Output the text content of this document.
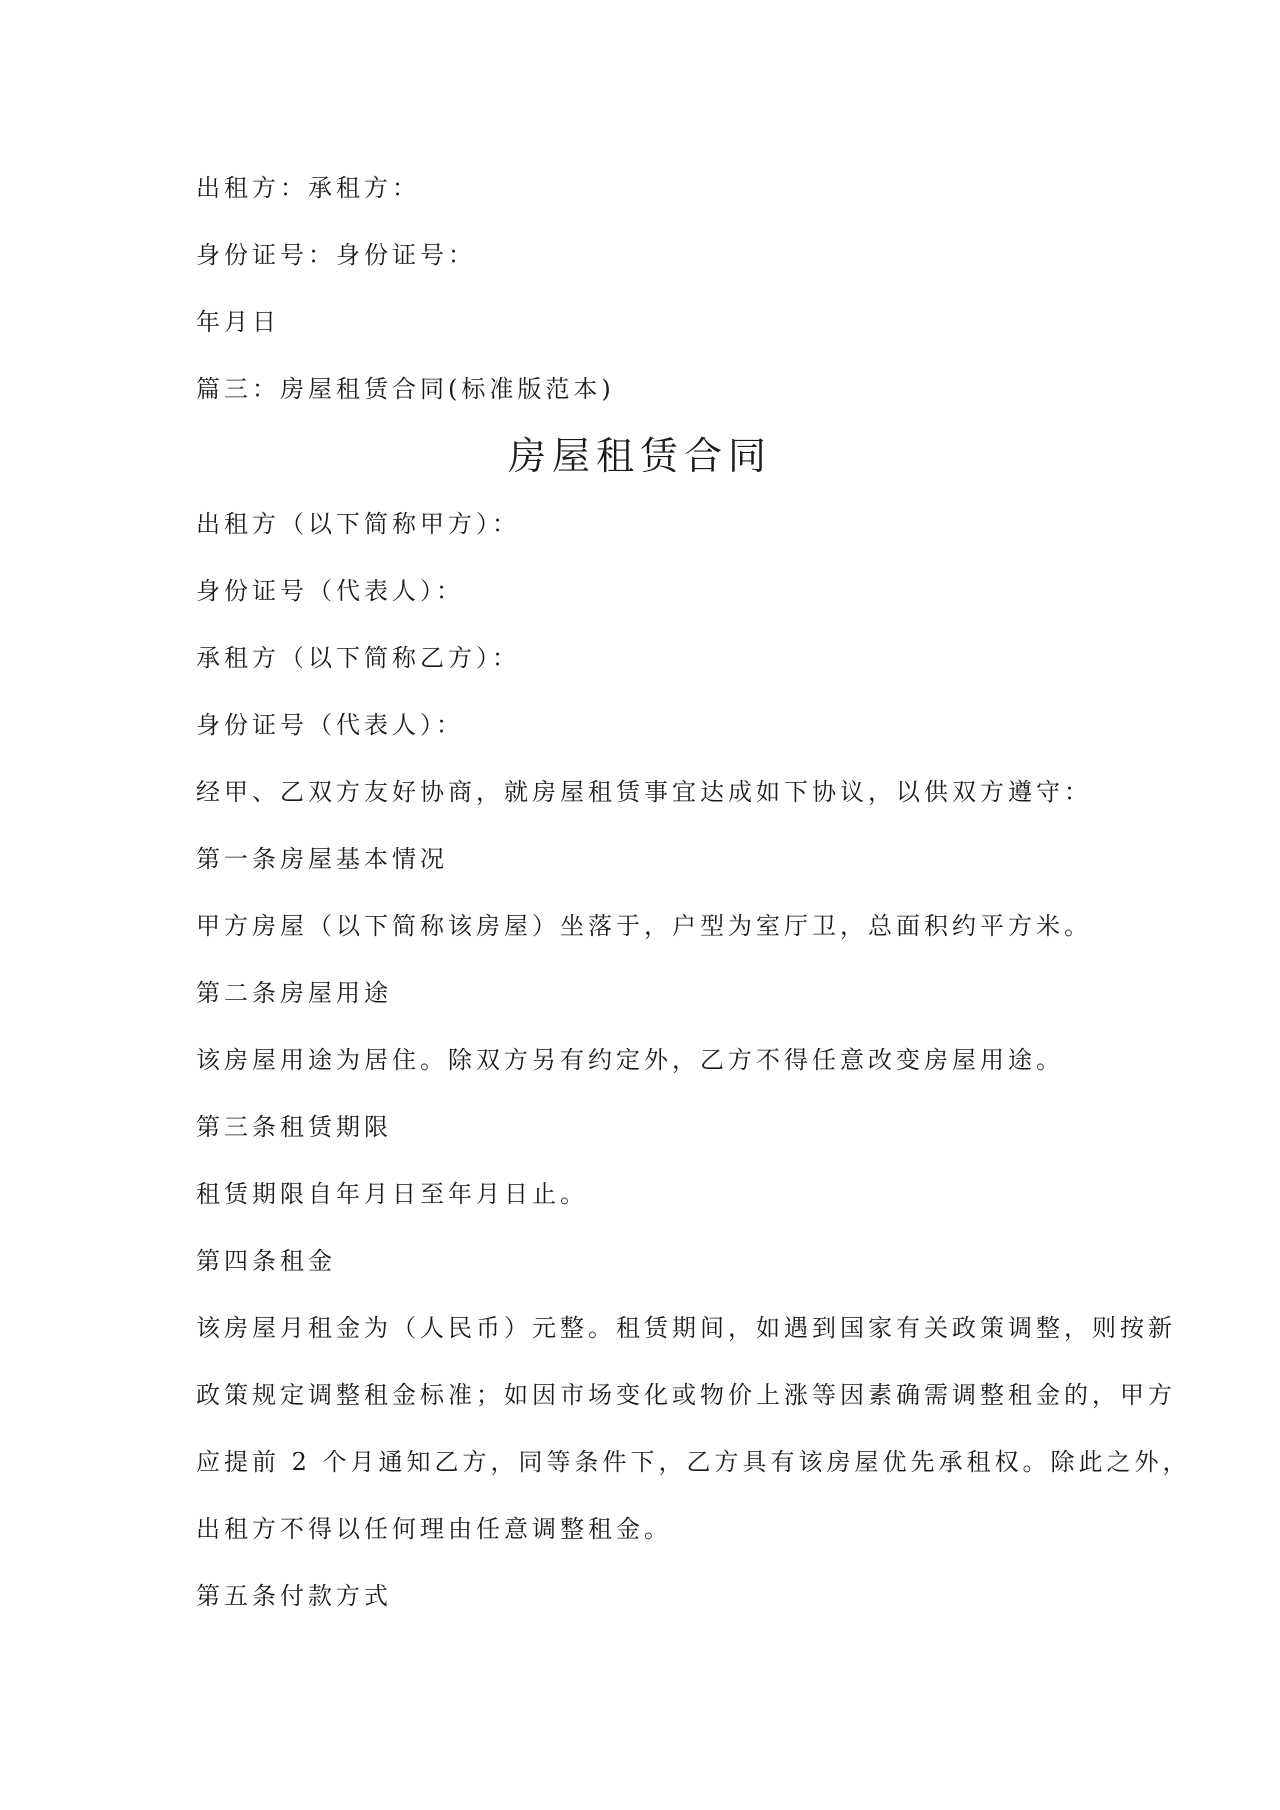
出租方：承租方：
身份证号：身份证号：
年月日
篇三：房屋租赁合同(标准版范本)
房屋租赁合同
出租方（以下简称甲方）：
身份证号（代表人）：
承租方（以下简称乙方）：
身份证号（代表人）：
经甲、乙双方友好协商，就房屋租赁事宜达成如下协议，以供双方遵守：
第一条房屋基本情况
甲方房屋（以下简称该房屋）坐落于，户型为室厅卫，总面积约平方米。
第二条房屋用途
该房屋用途为居住。除双方另有约定外，乙方不得任意改变房屋用途。
第三条租赁期限
租赁期限自年月日至年月日止。
第四条租金
该房屋月租金为（人民币）元整。租赁期间，如遇到国家有关政策调整，则按新
政策规定调整租金标准；如因市场变化或物价上涨等因素确需调整租金的，甲方
应提前 2 个月通知乙方，同等条件下，乙方具有该房屋优先承租权。除此之外，
出租方不得以任何理由任意调整租金。
第五条付款方式
